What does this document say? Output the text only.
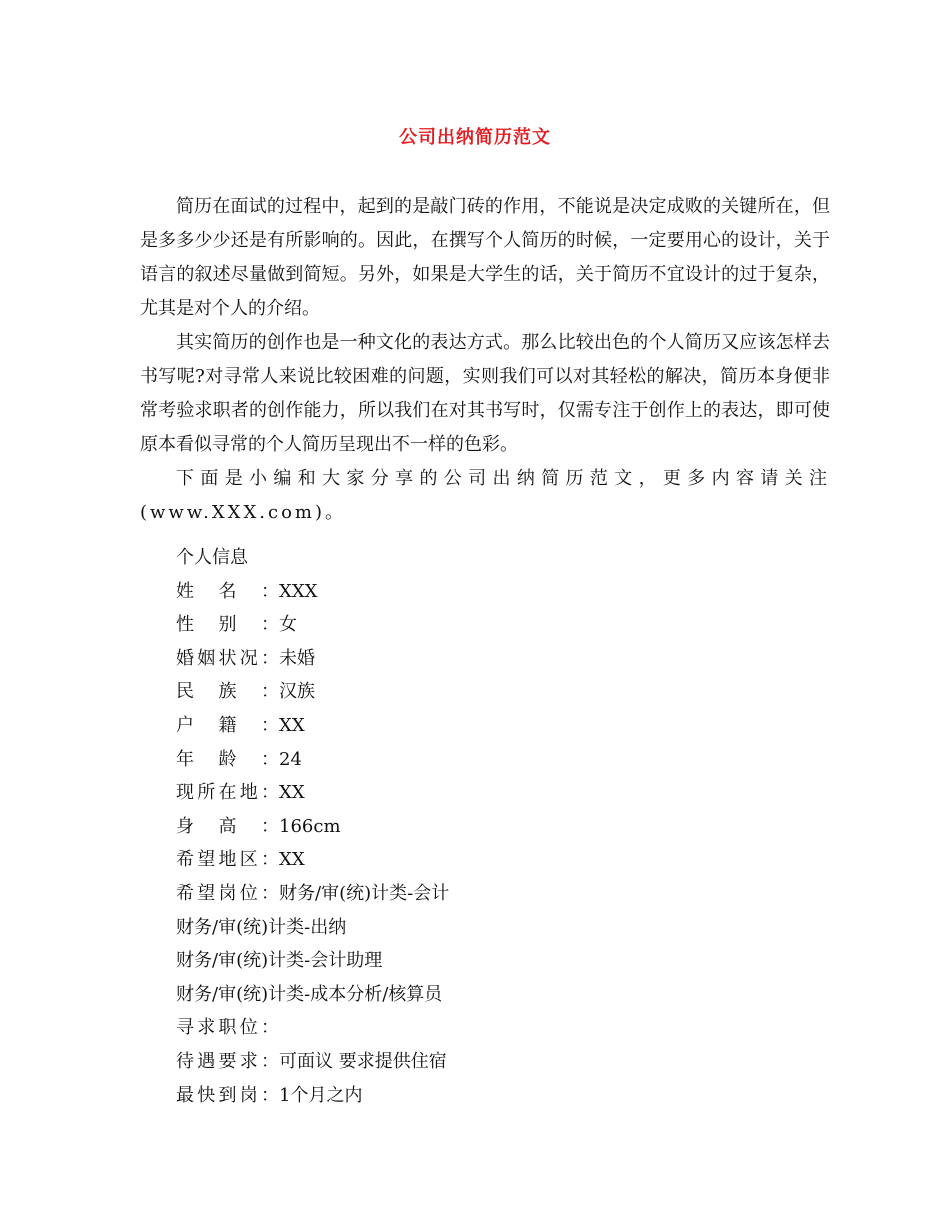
公司出纳简历范文

简历在面试的过程中，起到的是敲门砖的作用，不能说是决定成败的关键所在，但是多多少少还是有所影响的。因此，在撰写个人简历的时候，一定要用心的设计，关于语言的叙述尽量做到简短。另外，如果是大学生的话，关于简历不宜设计的过于复杂，尤其是对个人的介绍。

其实简历的创作也是一种文化的表达方式。那么比较出色的个人简历又应该怎样去书写呢?对寻常人来说比较困难的问题，实则我们可以对其轻松的解决，简历本身便非常考验求职者的创作能力，所以我们在对其书写时，仅需专注于创作上的表达，即可使原本看似寻常的个人简历呈现出不一样的色彩。

下面是小编和大家分享的公司出纳简历范文，更多内容请关注(www.XXX.com)。

个人信息
姓名：XXX
性别：女
婚姻状况：未婚
民族：汉族
户籍：XX
年龄：24
现所在地：XX
身高：166cm
希望地区：XX
希望岗位：财务/审(统)计类-会计
财务/审(统)计类-出纳
财务/审(统)计类-会计助理
财务/审(统)计类-成本分析/核算员
寻求职位：
待遇要求：可面议 要求提供住宿
最快到岗：1个月之内
